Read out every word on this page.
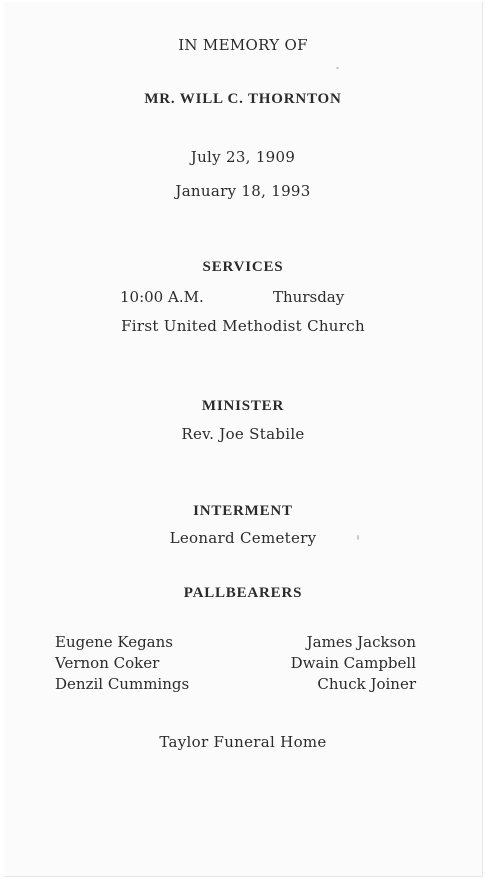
IN MEMORY OF
MR. WILL C. THORNTON
July 23, 1909
January 18, 1993
SERVICES
10:00 A.M.	Thursday
First United Methodist Church
MINISTER
Rev. Joe Stabile
INTERMENT
Leonard Cemetery
PALLBEARERS
Eugene Kegans
Vernon Coker
Denzil Cummings
James Jackson
Dwain Campbell
Chuck Joiner
Taylor Funeral Home
